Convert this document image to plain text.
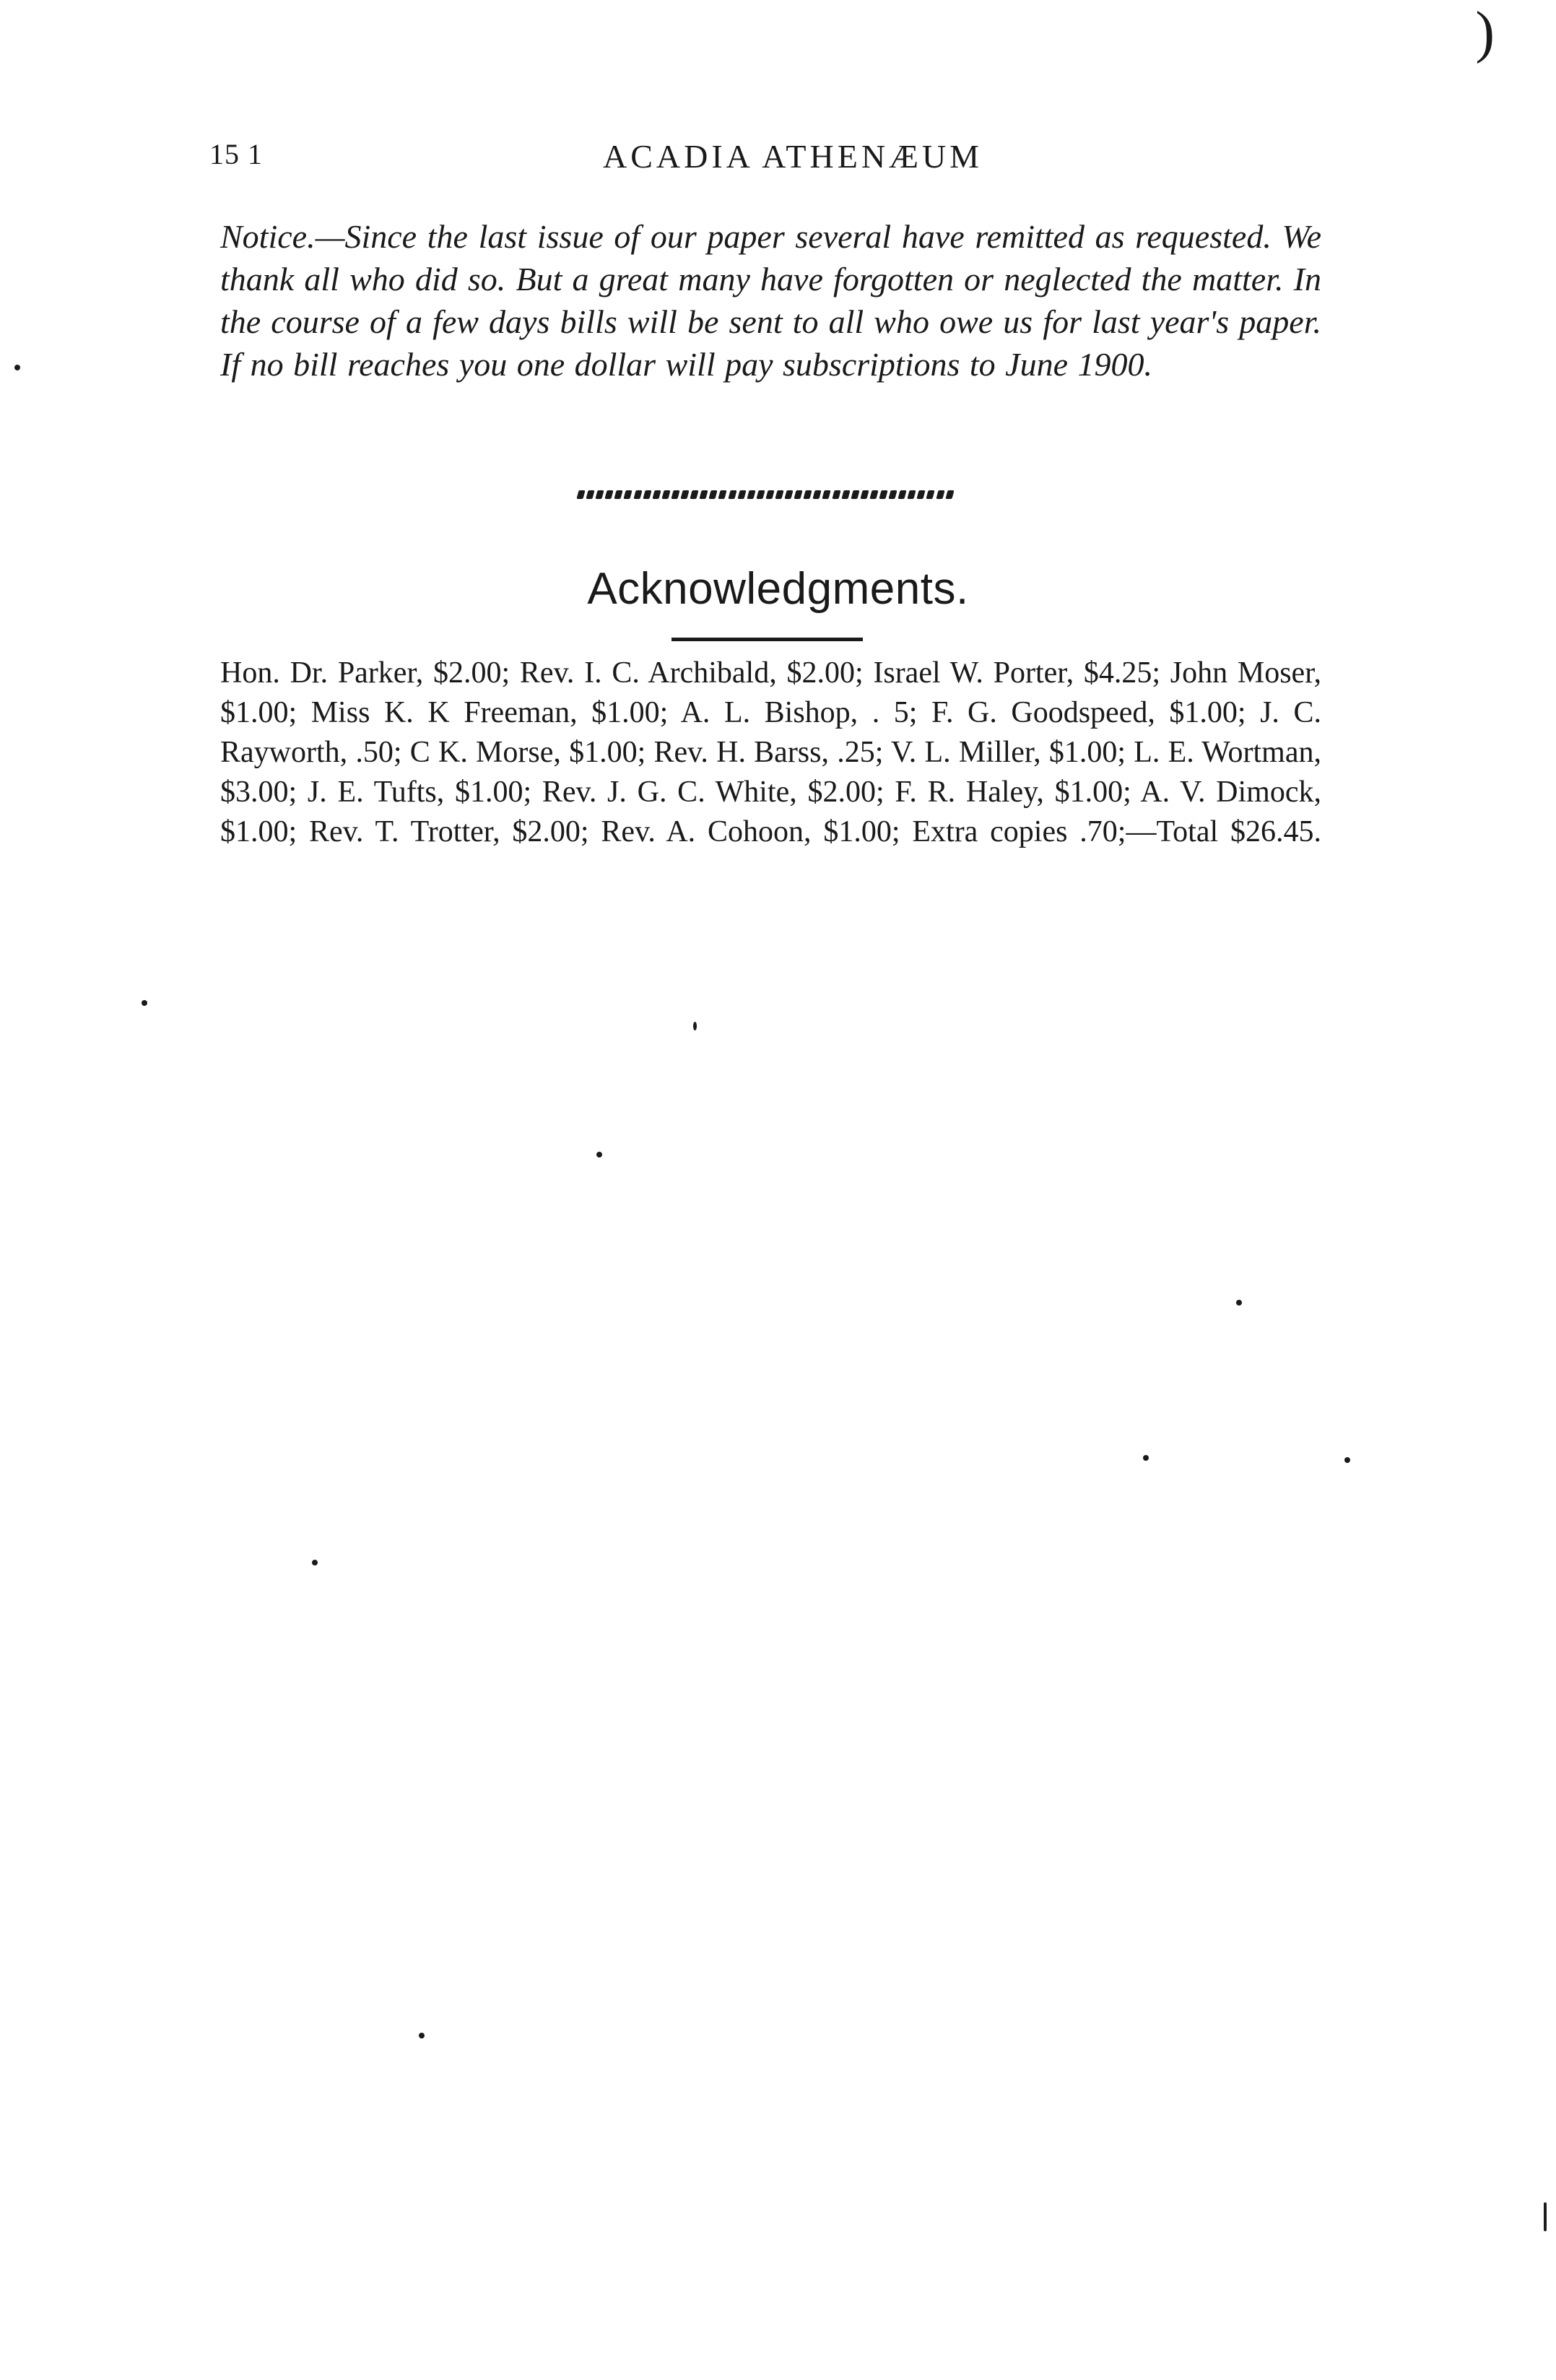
)
15 1	ACADIA ATHENÆUM
Notice.—Since the last issue of our paper several have remitted as requested. We thank all who did so. But a great many have forgotten or neglected the matter. In the course of a few days bills will be sent to all who owe us for last year's paper. If no bill reaches you one dollar will pay subscriptions to June 1900.
Acknowledgments.
Hon. Dr. Parker, $2.00; Rev. I. C. Archibald, $2.00; Israel W. Porter, $4.25; John Moser, $1.00; Miss K. K Freeman, $1.00; A. L. Bishop, . 5; F. G. Goodspeed, $1.00; J. C. Rayworth, .50; C K. Morse, $1.00; Rev. H. Barss, .25; V. L. Miller, $1.00; L. E. Wortman, $3.00; J. E. Tufts, $1.00; Rev. J. G. C. White, $2.00; F. R. Haley, $1.00; A. V. Dimock, $1.00; Rev. T. Trotter, $2.00; Rev. A. Cohoon, $1.00; Extra copies .70;—Total $26.45.
